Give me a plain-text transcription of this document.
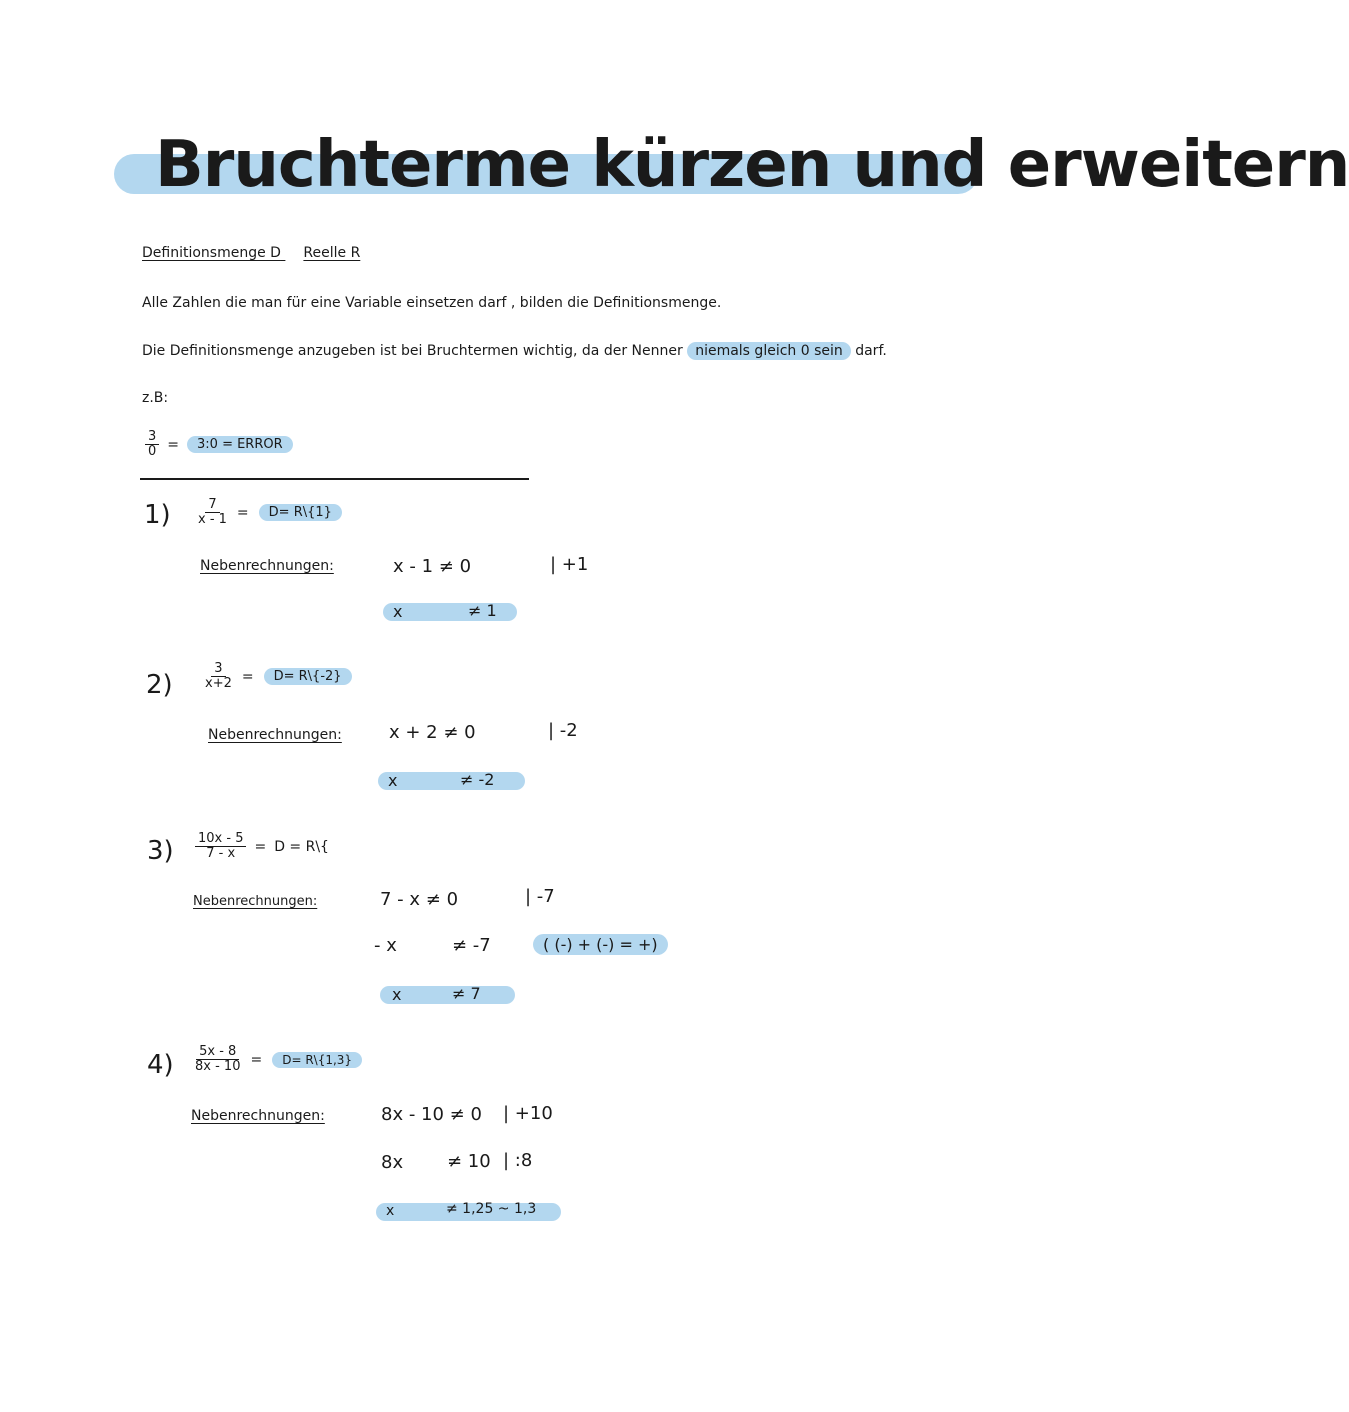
Bruchterme kürzen und erweitern
Definitionsmenge D Reelle R
Alle Zahlen die man für eine Variable einsetzen darf , bilden die Definitionsmenge.
Die Definitionsmenge anzugeben ist bei Bruchtermen wichtig, da der Nenner niemals gleich 0 sein darf.
z.B:
$\frac{3}{0}$ =	3:0 = ERROR
$1) \frac{7}{x - 1}$ =	D= R\{1}
Nebenrechnungen:	x - 1 ≠ 0	| +1
x	≠ 1
$2) \frac{3}{x+2}$ =	D= R\{-2}
Nebenrechnungen:	x + 2 ≠ 0	| -2
x	≠ -2
$3) \frac{10x - 5}{7 - x} = D$ = R\{
Nebenrechnungen:	7 - x ≠ 0	| -7
- x	≠ -7	( (-) + (-) = +)
x	≠ 7
$4) \frac{5x - 8}{8x - 10}$ =	D= R\{1,3}
Nebenrechnungen:	8x - 10 ≠ 0 | +10
8x ≠ 10 | :8
x	≠ 1,25 ~ 1,3
